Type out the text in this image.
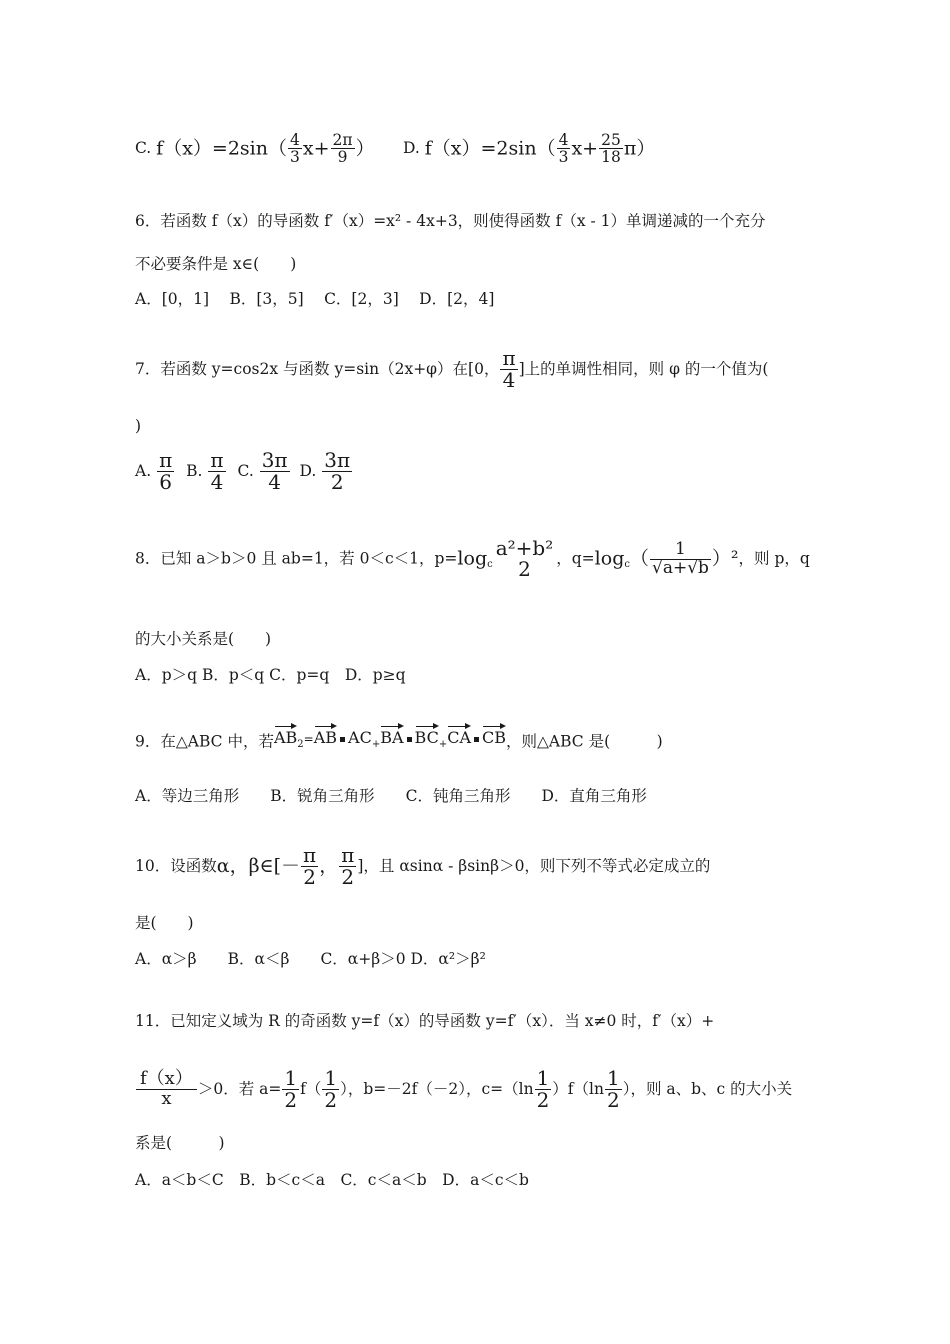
C. $f(x)=2\sin( \frac{4}{3} x+ \frac{2\pi}{9}$ ） D. $f(x)=2\sin( \frac{4}{3} x+ \frac{25}{18} \pi)$
6．若函数 f（x）的导函数 f′（x）=x² - 4x+3，则使得函数 f（x - 1）单调递减的一个充分
不必要条件是 x∈(　　)
A．[0，1]　 B．[3，5]　 C．[2，3]　 D．[2，4]
7．若函数 y=cos2x 与函数 y=sin（2x+φ）在[0， $\frac{\pi}{4}$ ]上的单调性相同，则 φ 的一个值为(
)
A. $\frac{\pi}{6} B$. $\frac{\pi}{4} C$. $\frac{3\pi}{4} D$. $\frac{3\pi}{2}$
8．已知 a＞b＞0 且 ab=1，若 0＜c＜1，$p=\log_c$
a²+b²
2	，$q=\log_c( \frac{1}{√a+√b} )^2$，则 p，q
的大小关系是(　　)
A．p＞q B．p＜q C．p=q　D．p≥q
9．在△ABC 中，若$AB_2=AB$ $AC_+BA$ $BC_+CA$ CB，则△ABC 是(　　　)
A．等边三角形　　B．锐角三角形　　C．钝角三角形　　D．直角三角形
10．设函数α，β∈[－ $\frac{\pi}{2}$ ， $\frac{\pi}{2}$ ]，且 αsinα - βsinβ＞0，则下列不等式必定成立的
是(　　)
A．α＞β　　B．α＜β　　C．α+β＞0 D．α²＞β²
11．已知定义域为 R 的奇函数 y=f（x）的导函数 y=f′（x）．当 x≠0 时，f′（x）+
$\frac{f(x)}{x} >0$．若 $a= \frac{1}{2} f( \frac{1}{2}$ ），b=－2f（－2），$c=(\ln \frac{1}{2} )f(\ln \frac{1}{2}$ ），则 a、b、c 的大小关
系是(　　　)
A．a＜b＜C　B．b＜c＜a　C．c＜a＜b　D．a＜c＜b
